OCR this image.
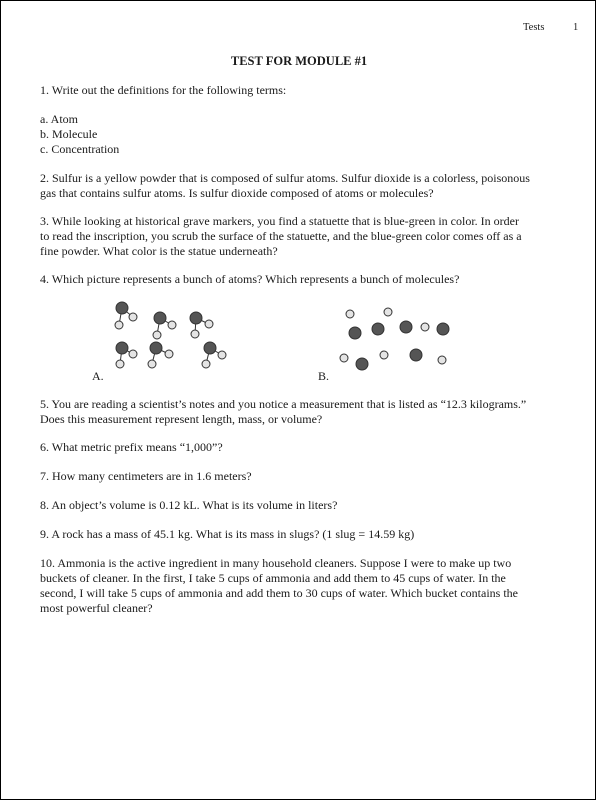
Tests	1
TEST FOR MODULE #1

1. Write out the definitions for the following terms:

a. Atom

b. Molecule

c. Concentration

2. Sulfur is a yellow powder that is composed of sulfur atoms. Sulfur dioxide is a colorless, poisonous

gas that contains sulfur atoms. Is sulfur dioxide composed of atoms or molecules?

3. While looking at historical grave markers, you find a statuette that is blue-green in color. In order

to read the inscription, you scrub the surface of the statuette, and the blue-green color comes off as a

fine powder. What color is the statue underneath?

4. Which picture represents a bunch of atoms? Which represents a bunch of molecules?

A.	B.

5. You are reading a scientist’s notes and you notice a measurement that is listed as “12.3 kilograms.”

Does this measurement represent length, mass, or volume?

6. What metric prefix means “1,000”?

7. How many centimeters are in 1.6 meters?

8. An object’s volume is 0.12 kL. What is its volume in liters?

9. A rock has a mass of 45.1 kg. What is its mass in slugs? (1 slug = 14.59 kg)

10. Ammonia is the active ingredient in many household cleaners. Suppose I were to make up two

buckets of cleaner. In the first, I take 5 cups of ammonia and add them to 45 cups of water. In the

second, I will take 5 cups of ammonia and add them to 30 cups of water. Which bucket contains the

most powerful cleaner?
